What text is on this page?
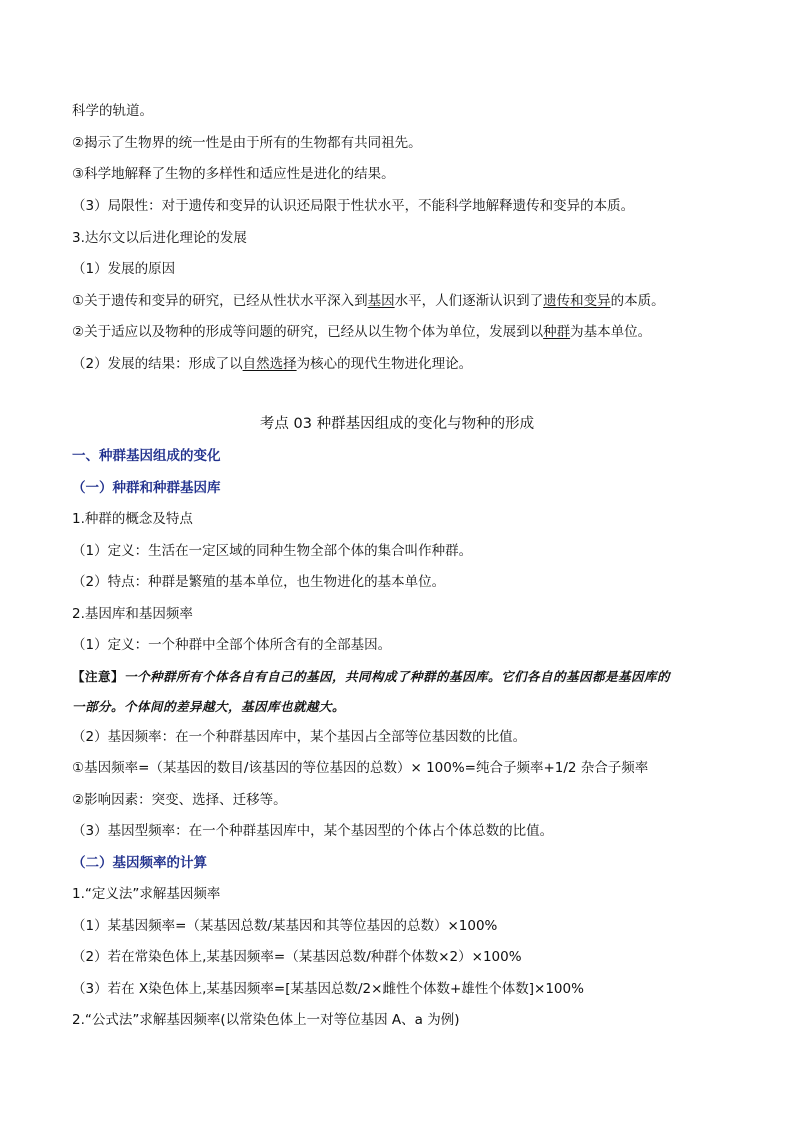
科学的轨道。
②揭示了生物界的统一性是由于所有的生物都有共同祖先。
③科学地解释了生物的多样性和适应性是进化的结果。
（3）局限性：对于遗传和变异的认识还局限于性状水平，不能科学地解释遗传和变异的本质。
3.达尔文以后进化理论的发展
（1）发展的原因
①关于遗传和变异的研究，已经从性状水平深入到基因水平，人们逐渐认识到了遗传和变异的本质。
②关于适应以及物种的形成等问题的研究，已经从以生物个体为单位，发展到以种群为基本单位。
（2）发展的结果：形成了以自然选择为核心的现代生物进化理论。
考点 03 种群基因组成的变化与物种的形成
一、种群基因组成的变化
（一）种群和种群基因库
1.种群的概念及特点
（1）定义：生活在一定区域的同种生物全部个体的集合叫作种群。
（2）特点：种群是繁殖的基本单位，也生物进化的基本单位。
2.基因库和基因频率
（1）定义：一个种群中全部个体所含有的全部基因。
【注意】一个种群所有个体各自有自己的基因，共同构成了种群的基因库。它们各自的基因都是基因库的
一部分。个体间的差异越大，基因库也就越大。
（2）基因频率：在一个种群基因库中，某个基因占全部等位基因数的比值。
①基因频率=（某基因的数目/该基因的等位基因的总数）× 100%=纯合子频率+1/2 杂合子频率
②影响因素：突变、选择、迁移等。
（3）基因型频率：在一个种群基因库中，某个基因型的个体占个体总数的比值。
（二）基因频率的计算
1.“定义法”求解基因频率
（1）某基因频率=（某基因总数/某基因和其等位基因的总数）×100%
（2）若在常染色体上,某基因频率=（某基因总数/种群个体数×2）×100%
（3）若在 X染色体上,某基因频率=[某基因总数/2×雌性个体数+雄性个体数]×100%
2.“公式法”求解基因频率(以常染色体上一对等位基因 A、a 为例)
